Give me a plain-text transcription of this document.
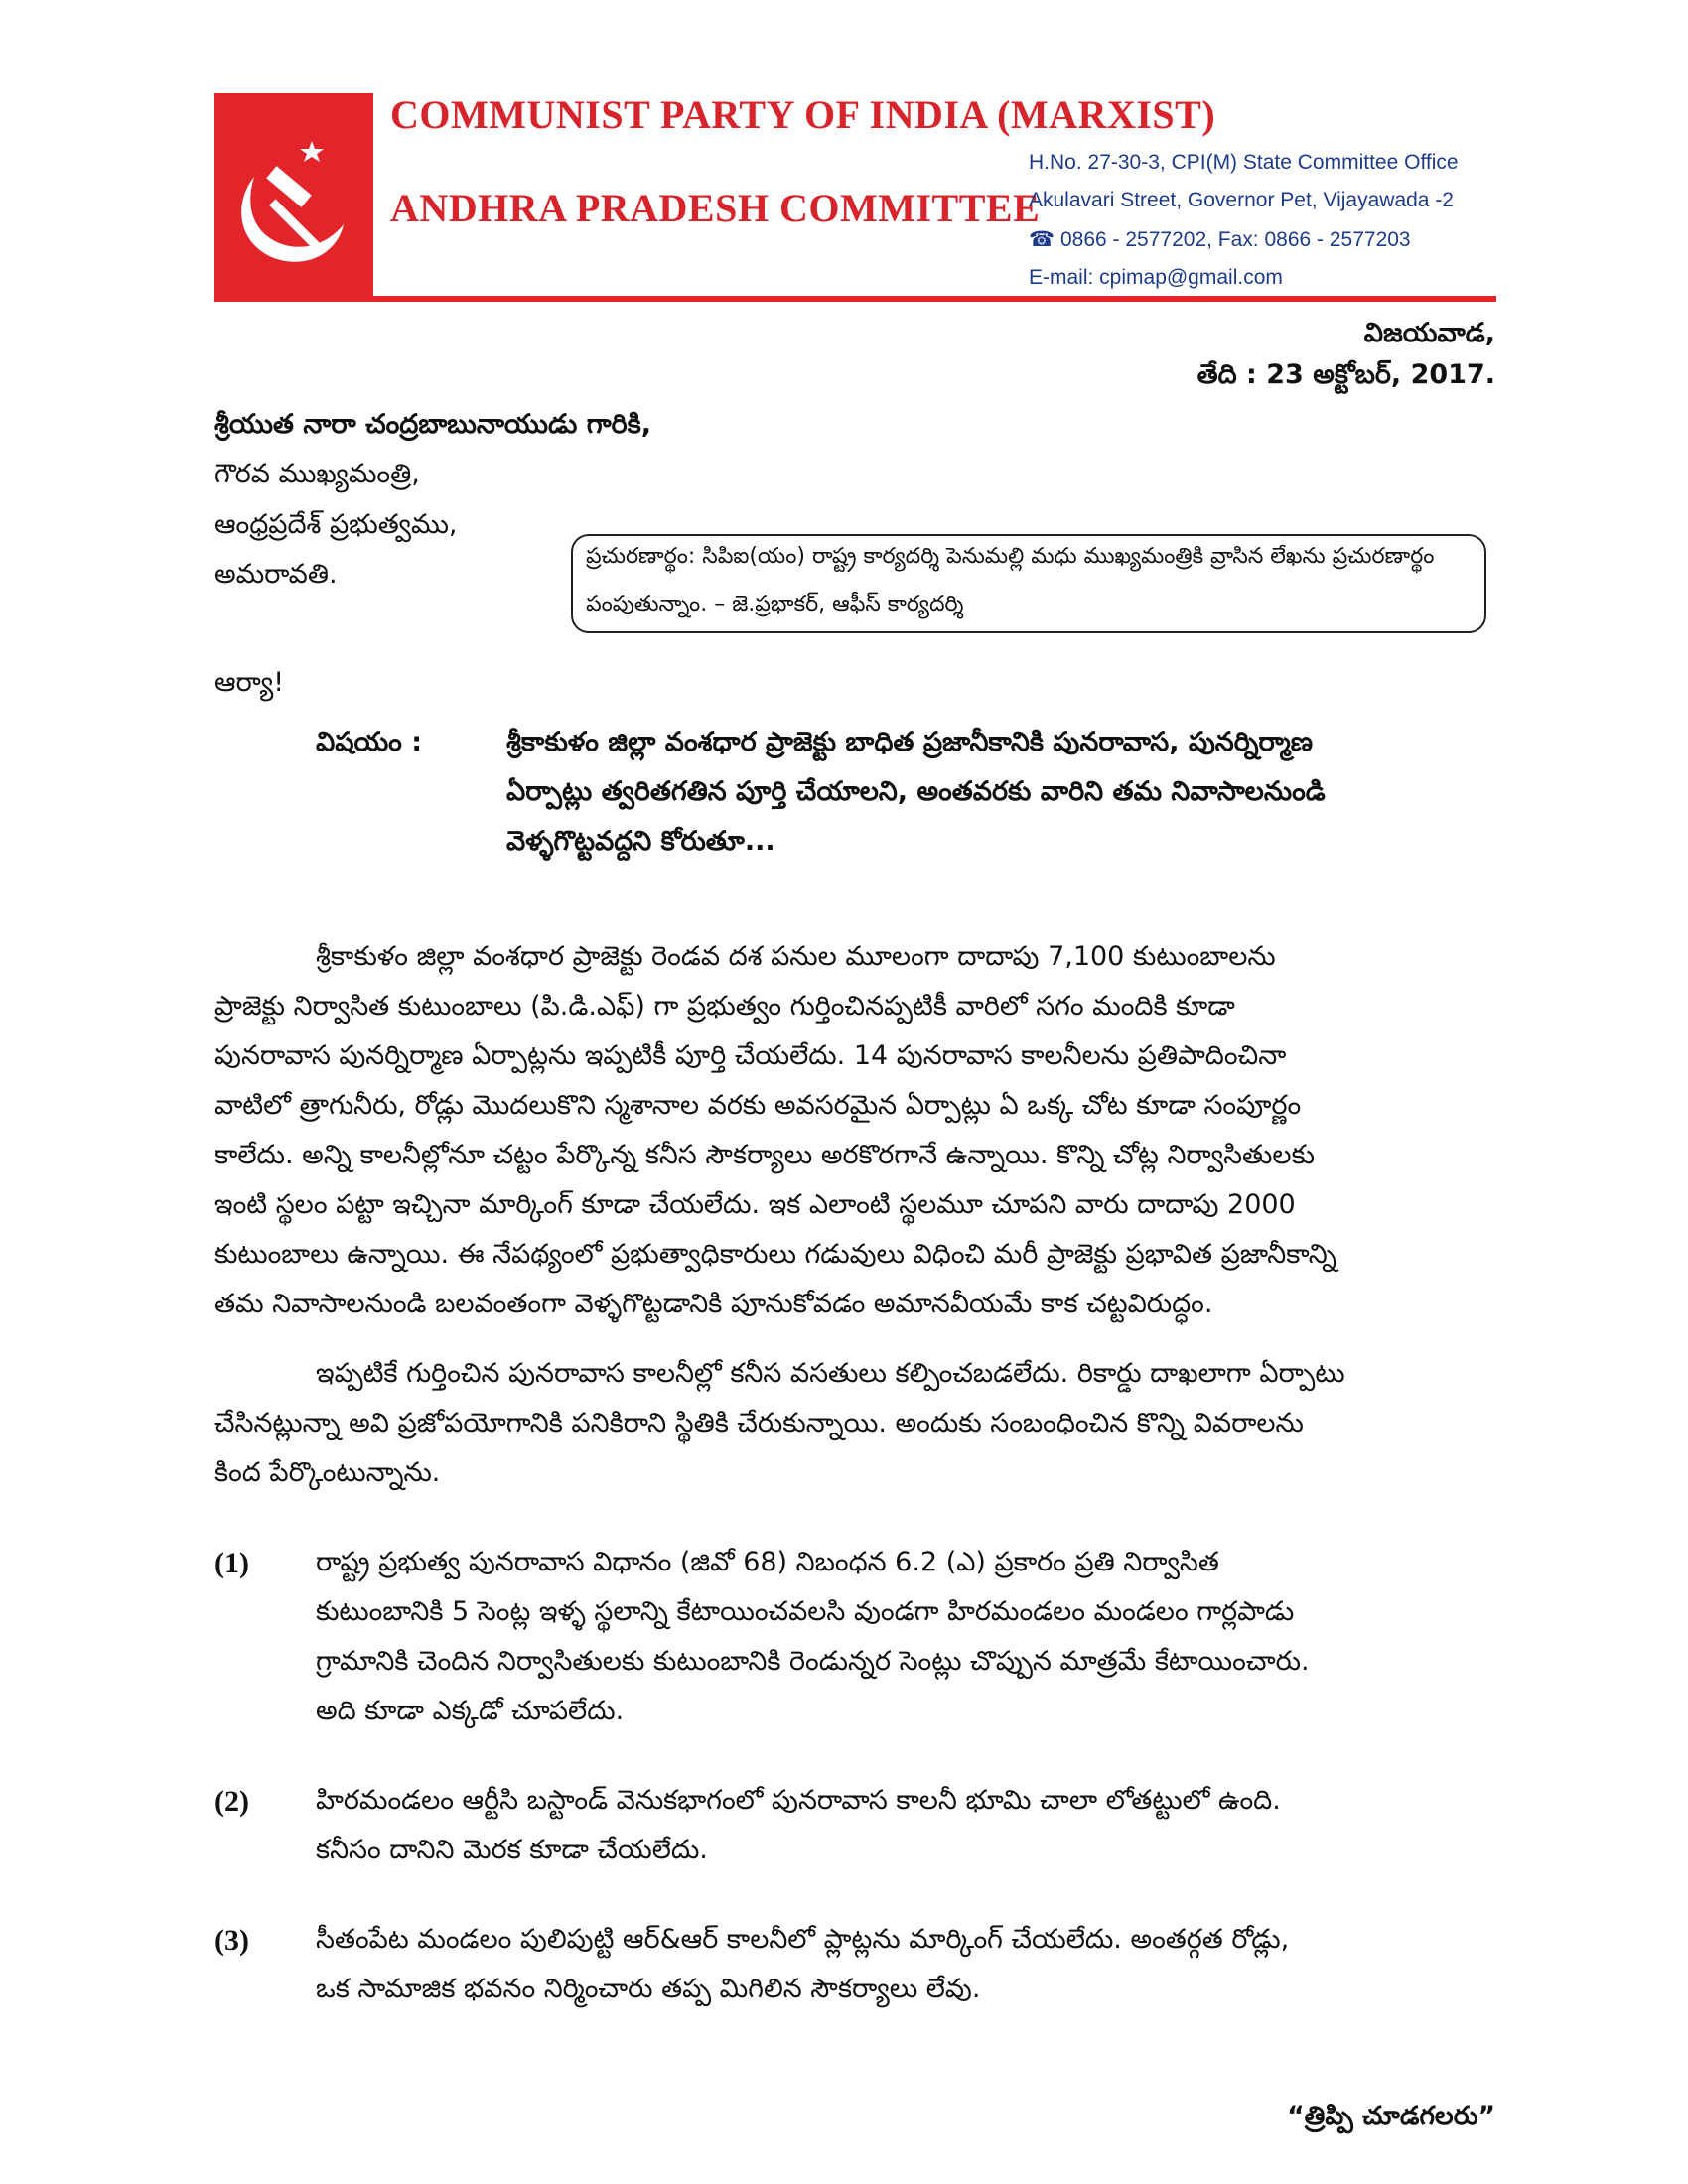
COMMUNIST PARTY OF INDIA (MARXIST)
ANDHRA PRADESH COMMITTEE
H.No. 27-30-3, CPI(M) State Committee Office
Akulavari Street, Governor Pet, Vijayawada -2
☎ 0866 - 2577202, Fax: 0866 - 2577203
E-mail: cpimap@gmail.com
విజయవాడ,
తేది : 23 అక్టోబర్, 2017.
శ్రీయుత నారా చంద్రబాబునాయుడు గారికి,
గౌరవ ముఖ్యమంత్రి,
ఆంధ్రప్రదేశ్ ప్రభుత్వము,
అమరావతి.
ప్రచురణార్థం: సిపిఐ(యం) రాష్ట్ర కార్యదర్శి పెనుమల్లి మధు ముఖ్యమంత్రికి వ్రాసిన లేఖను ప్రచురణార్థం
పంపుతున్నాం. – జె.ప్రభాకర్, ఆఫీస్ కార్యదర్శి
ఆర్యా!
విషయం :	శ్రీకాకుళం జిల్లా వంశధార ప్రాజెక్టు బాధిత ప్రజానీకానికి పునరావాస, పునర్నిర్మాణ
ఏర్పాట్లు త్వరితగతిన పూర్తి చేయాలని, అంతవరకు వారిని తమ నివాసాలనుండి
వెళ్ళగొట్టవద్దని కోరుతూ...
శ్రీకాకుళం జిల్లా వంశధార ప్రాజెక్టు రెండవ దశ పనుల మూలంగా దాదాపు 7,100 కుటుంబాలను
ప్రాజెక్టు నిర్వాసిత కుటుంబాలు (పి.డి.ఎఫ్) గా ప్రభుత్వం గుర్తించినప్పటికీ వారిలో సగం మందికి కూడా
పునరావాస పునర్నిర్మాణ ఏర్పాట్లను ఇప్పటికీ పూర్తి చేయలేదు. 14 పునరావాస కాలనీలను ప్రతిపాదించినా
వాటిలో త్రాగునీరు, రోడ్లు మొదలుకొని స్మశానాల వరకు అవసరమైన ఏర్పాట్లు ఏ ఒక్క చోట కూడా సంపూర్ణం
కాలేదు. అన్ని కాలనీల్లోనూ చట్టం పేర్కొన్న కనీస సౌకర్యాలు అరకొరగానే ఉన్నాయి. కొన్ని చోట్ల నిర్వాసితులకు
ఇంటి స్థలం పట్టా ఇచ్చినా మార్కింగ్ కూడా చేయలేదు. ఇక ఎలాంటి స్థలమూ చూపని వారు దాదాపు 2000
కుటుంబాలు ఉన్నాయి. ఈ నేపథ్యంలో ప్రభుత్వాధికారులు గడువులు విధించి మరీ ప్రాజెక్టు ప్రభావిత ప్రజానీకాన్ని
తమ నివాసాలనుండి బలవంతంగా వెళ్ళగొట్టడానికి పూనుకోవడం అమానవీయమే కాక చట్టవిరుద్ధం.
ఇప్పటికే గుర్తించిన పునరావాస కాలనీల్లో కనీస వసతులు కల్పించబడలేదు. రికార్డు దాఖలాగా ఏర్పాటు
చేసినట్లున్నా అవి ప్రజోపయోగానికి పనికిరాని స్థితికి చేరుకున్నాయి. అందుకు సంబంధించిన కొన్ని వివరాలను
కింద పేర్కొంటున్నాను.
(1) రాష్ట్ర ప్రభుత్వ పునరావాస విధానం (జివో 68) నిబంధన 6.2 (ఎ) ప్రకారం ప్రతి నిర్వాసిత
కుటుంబానికి 5 సెంట్ల ఇళ్ళ స్థలాన్ని కేటాయించవలసి వుండగా హిరమండలం మండలం గార్లపాడు
గ్రామానికి చెందిన నిర్వాసితులకు కుటుంబానికి రెండున్నర సెంట్లు చొప్పున మాత్రమే కేటాయించారు.
అది కూడా ఎక్కడో చూపలేదు.
(2) హిరమండలం ఆర్టీసి బస్టాండ్ వెనుకభాగంలో పునరావాస కాలనీ భూమి చాలా లోతట్టులో ఉంది.
కనీసం దానిని మెరక కూడా చేయలేదు.
(3) సీతంపేట మండలం పులిపుట్టి ఆర్&ఆర్ కాలనీలో ప్లాట్లను మార్కింగ్ చేయలేదు. అంతర్గత రోడ్లు,
ఒక సామాజిక భవనం నిర్మించారు తప్ప మిగిలిన సౌకర్యాలు లేవు.
“త్రిప్పి చూడగలరు”
